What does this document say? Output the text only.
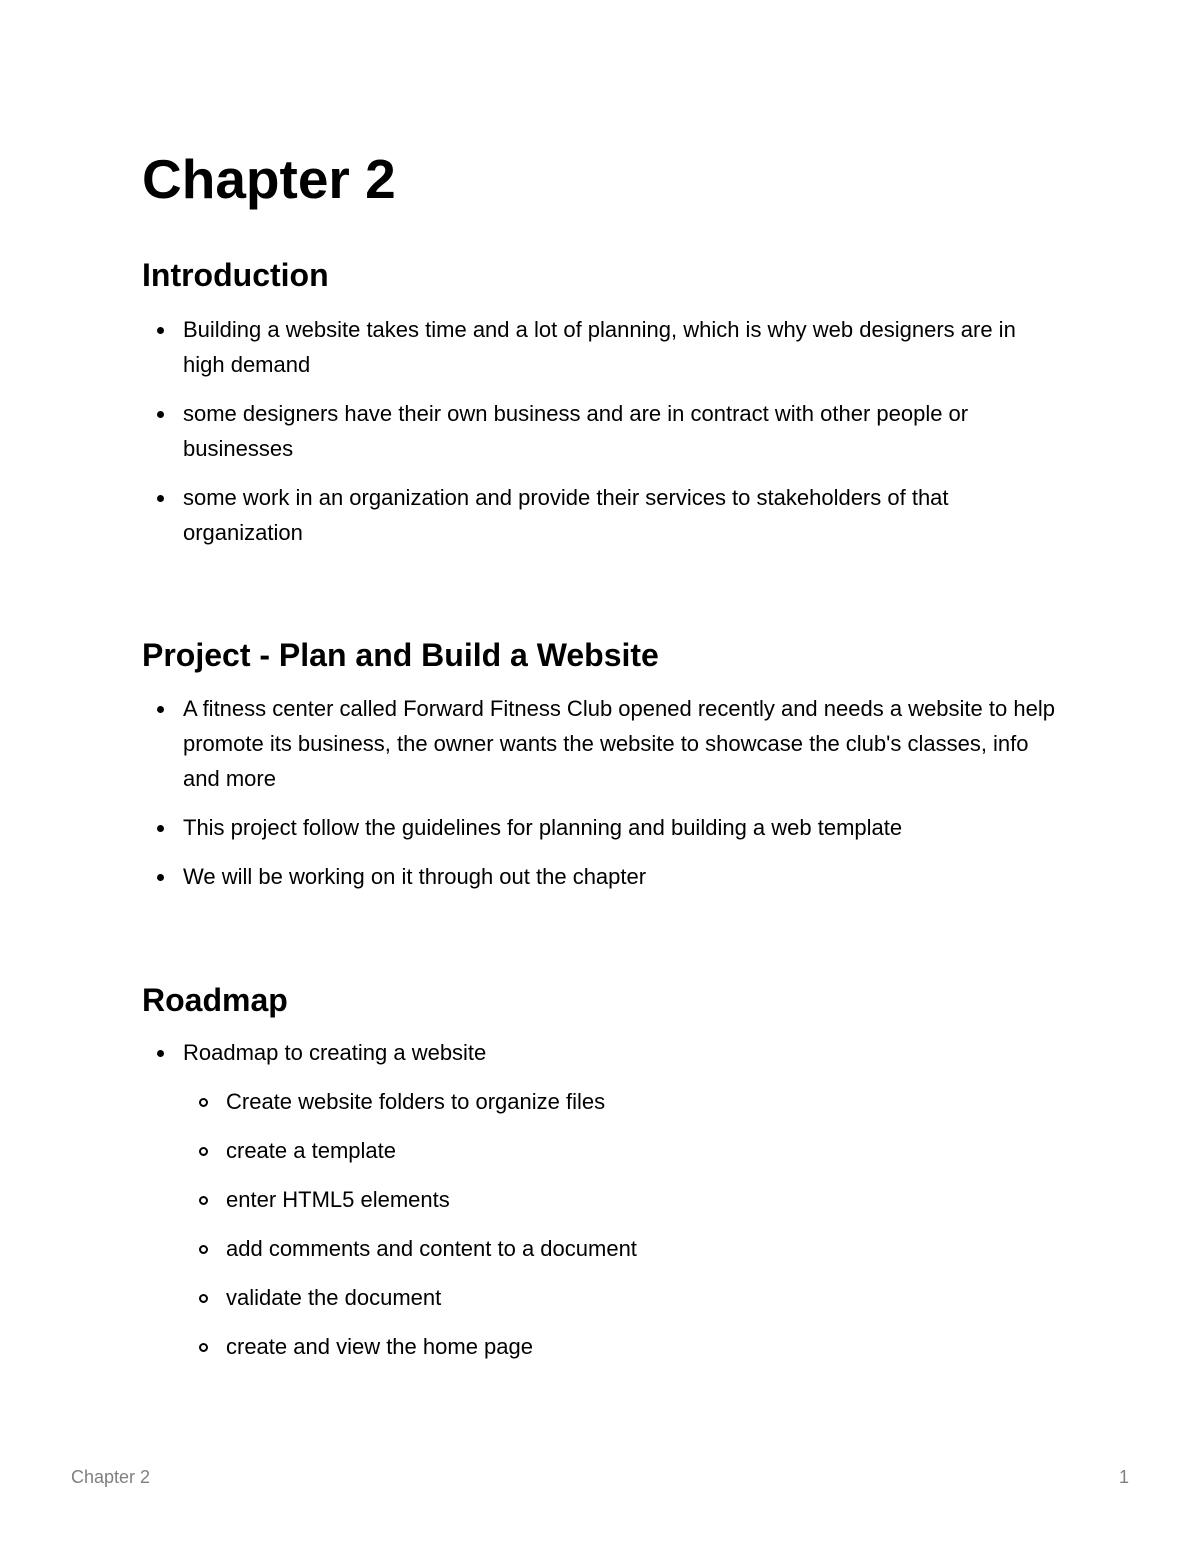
Chapter 2
Introduction
Building a website takes time and a lot of planning, which is why web designers are in high demand
some designers have their own business and are in contract with other people or businesses
some work in an organization and provide their services to stakeholders of that organization
Project - Plan and Build a Website
A fitness center called Forward Fitness Club opened recently and needs a website to help promote its business, the owner wants the website to showcase the club's classes, info and more
This project follow the guidelines for planning and building a web template
We will be working on it through out the chapter
Roadmap
Roadmap to creating a website
Create website folders to organize files
create a template
enter HTML5 elements
add comments and content to a document
validate the document
create and view the home page
Chapter 2	1
